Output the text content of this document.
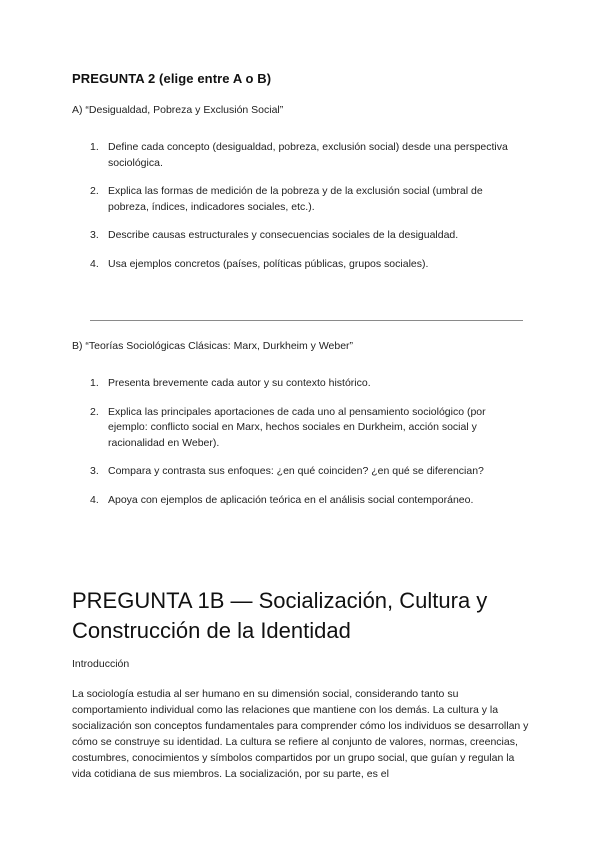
PREGUNTA 2 (elige entre A o B)
A) “Desigualdad, Pobreza y Exclusión Social”
1. Define cada concepto (desigualdad, pobreza, exclusión social) desde una perspectiva sociológica.
2. Explica las formas de medición de la pobreza y de la exclusión social (umbral de pobreza, índices, indicadores sociales, etc.).
3. Describe causas estructurales y consecuencias sociales de la desigualdad.
4. Usa ejemplos concretos (países, políticas públicas, grupos sociales).
B) “Teorías Sociológicas Clásicas: Marx, Durkheim y Weber”
1. Presenta brevemente cada autor y su contexto histórico.
2. Explica las principales aportaciones de cada uno al pensamiento sociológico (por ejemplo: conflicto social en Marx, hechos sociales en Durkheim, acción social y racionalidad en Weber).
3. Compara y contrasta sus enfoques: ¿en qué coinciden? ¿en qué se diferencian?
4. Apoya con ejemplos de aplicación teórica en el análisis social contemporáneo.
PREGUNTA 1B — Socialización, Cultura y Construcción de la Identidad
Introducción

La sociología estudia al ser humano en su dimensión social, considerando tanto su comportamiento individual como las relaciones que mantiene con los demás. La cultura y la socialización son conceptos fundamentales para comprender cómo los individuos se desarrollan y cómo se construye su identidad. La cultura se refiere al conjunto de valores, normas, creencias, costumbres, conocimientos y símbolos compartidos por un grupo social, que guían y regulan la vida cotidiana de sus miembros. La socialización, por su parte, es el
